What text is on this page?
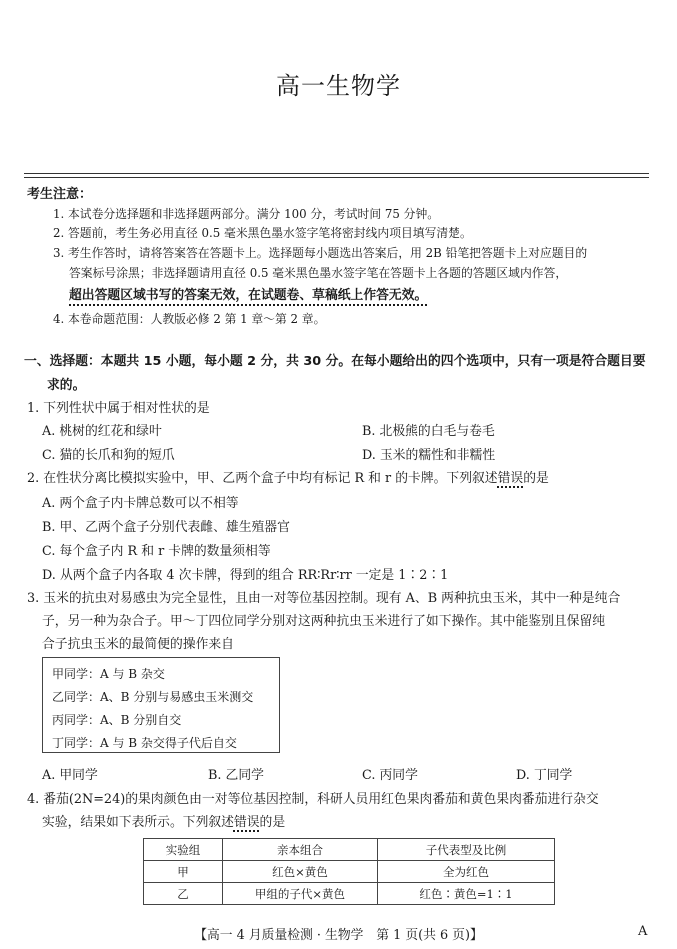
高一生物学
考生注意：
1. 本试卷分选择题和非选择题两部分。满分 100 分，考试时间 75 分钟。
2. 答题前，考生务必用直径 0.5 毫米黑色墨水签字笔将密封线内项目填写清楚。
3. 考生作答时，请将答案答在答题卡上。选择题每小题选出答案后，用 2B 铅笔把答题卡上对应题目的
答案标号涂黑；非选择题请用直径 0.5 毫米黑色墨水签字笔在答题卡上各题的答题区域内作答，
超出答题区域书写的答案无效，在试题卷、草稿纸上作答无效。
4. 本卷命题范围：人教版必修 2 第 1 章～第 2 章。
一、选择题：本题共 15 小题，每小题 2 分，共 30 分。在每小题给出的四个选项中，只有一项是符合题目要
求的。
1. 下列性状中属于相对性状的是
A. 桃树的红花和绿叶	B. 北极熊的白毛与卷毛
C. 猫的长爪和狗的短爪	D. 玉米的糯性和非糯性
2. 在性状分离比模拟实验中，甲、乙两个盒子中均有标记 R 和 r 的卡牌。下列叙述错误的是
A. 两个盒子内卡牌总数可以不相等
B. 甲、乙两个盒子分别代表雌、雄生殖器官
C. 每个盒子内 R 和 r 卡牌的数量须相等
D. 从两个盒子内各取 4 次卡牌，得到的组合 RR∶Rr∶rr 一定是 1∶2∶1
3. 玉米的抗虫对易感虫为完全显性，且由一对等位基因控制。现有 A、B 两种抗虫玉米，其中一种是纯合
子，另一种为杂合子。甲～丁四位同学分别对这两种抗虫玉米进行了如下操作。其中能鉴别且保留纯
合子抗虫玉米的最简便的操作来自
甲同学：A 与 B 杂交
乙同学：A、B 分别与易感虫玉米测交
丙同学：A、B 分别自交
丁同学：A 与 B 杂交得子代后自交
A. 甲同学	B. 乙同学	C. 丙同学	D. 丁同学
4. 番茄(2N=24)的果肉颜色由一对等位基因控制，科研人员用红色果肉番茄和黄色果肉番茄进行杂交
实验，结果如下表所示。下列叙述错误的是
实验组	亲本组合	子代表型及比例
甲	红色×黄色	全为红色
乙	甲组的子代×黄色	红色∶黄色=1∶1
【高一 4 月质量检测 · 生物学　第 1 页(共 6 页)】	A
